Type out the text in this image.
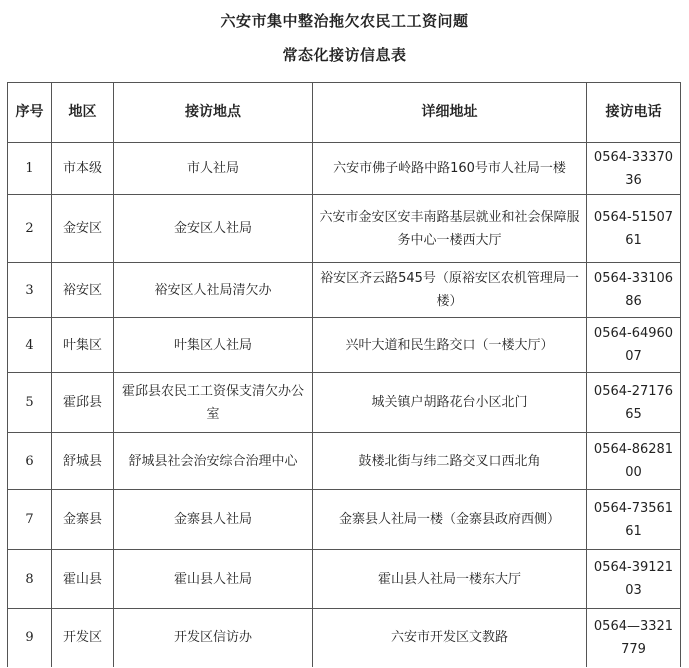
六安市集中整治拖欠农民工工资问题
常态化接访信息表
序号	地区	接访地点	详细地址	接访电话
1	市本级	市人社局	六安市佛子岭路中路160号市人社局一楼	0564-3337036
2	金安区	金安区人社局	六安市金安区安丰南路基层就业和社会保障服务中心一楼西大厅	0564-5150761
3	裕安区	裕安区人社局清欠办	裕安区齐云路545号（原裕安区农机管理局一楼）	0564-3310686
4	叶集区	叶集区人社局	兴叶大道和民生路交口（一楼大厅）	0564-6496007
5	霍邱县	霍邱县农民工工资保支清欠办公室	城关镇户胡路花台小区北门	0564-2717665
6	舒城县	舒城县社会治安综合治理中心	鼓楼北街与纬二路交叉口西北角	0564-8628100
7	金寨县	金寨县人社局	金寨县人社局一楼（金寨县政府西侧）	0564-7356161
8	霍山县	霍山县人社局	霍山县人社局一楼东大厅	0564-3912103
9	开发区	开发区信访办	六安市开发区文教路	0564—3321779
